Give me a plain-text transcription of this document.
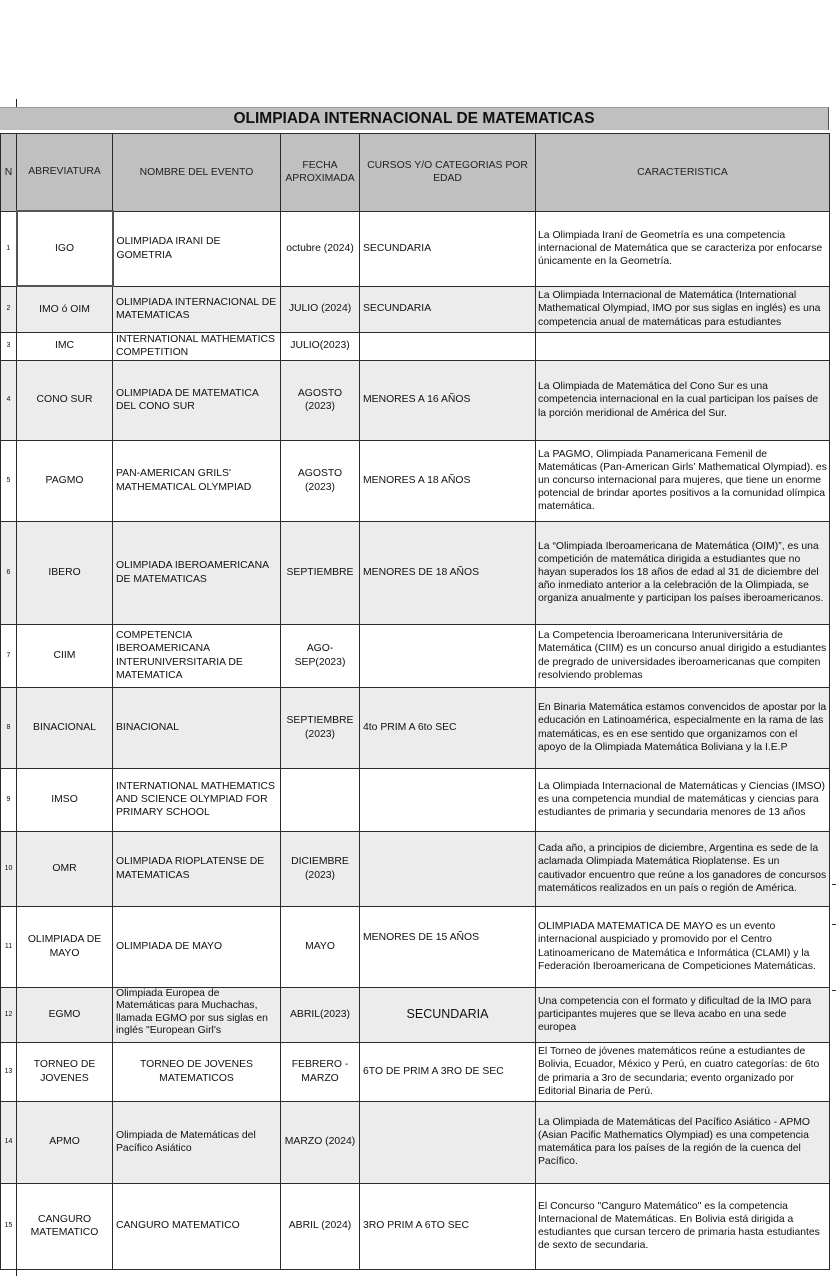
OLIMPIADA INTERNACIONAL DE MATEMATICAS
N	ABREVIATURA	NOMBRE DEL EVENTO	FECHA APROXIMADA	CURSOS Y/O CATEGORIAS POR EDAD	CARACTERISTICA
1	IGO	OLIMPIADA IRANI DE GOMETRIA	octubre (2024)	SECUNDARIA	La Olimpiada Iraní de Geometría es una competencia internacional de Matemática que se caracteriza por enfocarse únicamente en la Geometría.
2	IMO ó OIM	OLIMPIADA INTERNACIONAL DE MATEMATICAS	JULIO (2024)	SECUNDARIA	La Olimpiada Internacional de Matemática (International Mathematical Olympiad, IMO por sus siglas en inglés) es una competencia anual de matemáticas para estudiantes
3	IMC	INTERNATIONAL MATHEMATICS COMPETITION	JULIO(2023)		
4	CONO SUR	OLIMPIADA DE MATEMATICA DEL CONO SUR	AGOSTO (2023)	MENORES A 16 AÑOS	La Olimpiada de Matemática del Cono Sur es una competencia internacional en la cual participan los países de la porción meridional de América del Sur.
5	PAGMO	PAN-AMERICAN GRILS' MATHEMATICAL OLYMPIAD	AGOSTO (2023)	MENORES A 18 AÑOS	La PAGMO, Olimpiada Panamericana Femenil de Matemáticas (Pan-American Girls’ Mathematical Olympiad). es un concurso internacional para mujeres, que tiene un enorme potencial de brindar aportes positivos a la comunidad olímpica matemática.
6	IBERO	OLIMPIADA IBEROAMERICANA DE MATEMATICAS	SEPTIEMBRE	MENORES DE 18 AÑOS	La “Olimpiada Iberoamericana de Matemática (OIM)”, es una competición de matemática dirigida a estudiantes que no hayan superados los 18 años de edad al 31 de diciembre del año inmediato anterior a la celebración de la Olimpiada, se organiza anualmente y participan los países iberoamericanos.
7	CIIM	COMPETENCIA IBEROAMERICANA INTERUNIVERSITARIA DE MATEMATICA	AGO-SEP(2023)		La Competencia Iberoamericana Interuniversitária de Matemática (CIIM) es un concurso anual dirigido a estudiantes de pregrado de universidades iberoamericanas que compiten resolviendo problemas
8	BINACIONAL	BINACIONAL	SEPTIEMBRE (2023)	4to PRIM A 6to SEC	En Binaria Matemática estamos convencidos de apostar por la educación en Latinoamérica, especialmente en la rama de las matemáticas, es en ese sentido que organizamos con el apoyo de la Olimpiada Matemática Boliviana y la I.E.P
9	IMSO	INTERNATIONAL MATHEMATICS AND SCIENCE OLYMPIAD FOR PRIMARY SCHOOL			La Olimpiada Internacional de Matemáticas y Ciencias (IMSO) es una competencia mundial de matemáticas y ciencias para estudiantes de primaria y secundaria menores de 13 años
10	OMR	OLIMPIADA RIOPLATENSE DE MATEMATICAS	DICIEMBRE (2023)		Cada año, a principios de diciembre, Argentina es sede de la aclamada Olimpiada Matemática Rioplatense. Es un cautivador encuentro que reúne a los ganadores de concursos matemáticos realizados en un país o región de América.
11	OLIMPIADA DE MAYO	OLIMPIADA DE MAYO	MAYO	MENORES DE 15 AÑOS	OLIMPIADA MATEMATICA DE MAYO es un evento internacional auspiciado y promovido por el Centro Latinoamericano de Matemática e Informática (CLAMI) y la Federación Iberoamericana de Competiciones Matemáticas.
12	EGMO	Olimpiada Europea de Matemáticas para Muchachas, llamada EGMO por sus siglas en inglés "European Girl's	ABRIL(2023)	SECUNDARIA	Una competencia con el formato y dificultad de la IMO para participantes mujeres que se lleva acabo en una sede europea
13	TORNEO DE JOVENES	TORNEO DE JOVENES MATEMATICOS	FEBRERO - MARZO	6TO DE PRIM A 3RO DE SEC	El Torneo de jóvenes matemáticos reúne a estudiantes de Bolivia, Ecuador, México y Perú, en cuatro categorías: de 6to de primaria a 3ro de secundaria; evento organizado por Editorial Binaria de Perú.
14	APMO	Olimpiada de Matemáticas del Pacífico Asiático	MARZO (2024)		La Olimpiada de Matemáticas del Pacífico Asiático - APMO (Asian Pacific Mathematics Olympiad) es una competencia matemática para los países de la región de la cuenca del Pacífico.
15	CANGURO MATEMATICO	CANGURO MATEMATICO	ABRIL (2024)	3RO PRIM A 6TO SEC	El Concurso "Canguro Matemático" es la competencia Internacional de Matemáticas. En Bolivia está dirigida a estudiantes que cursan tercero de primaria hasta estudiantes de sexto de secundaria.
